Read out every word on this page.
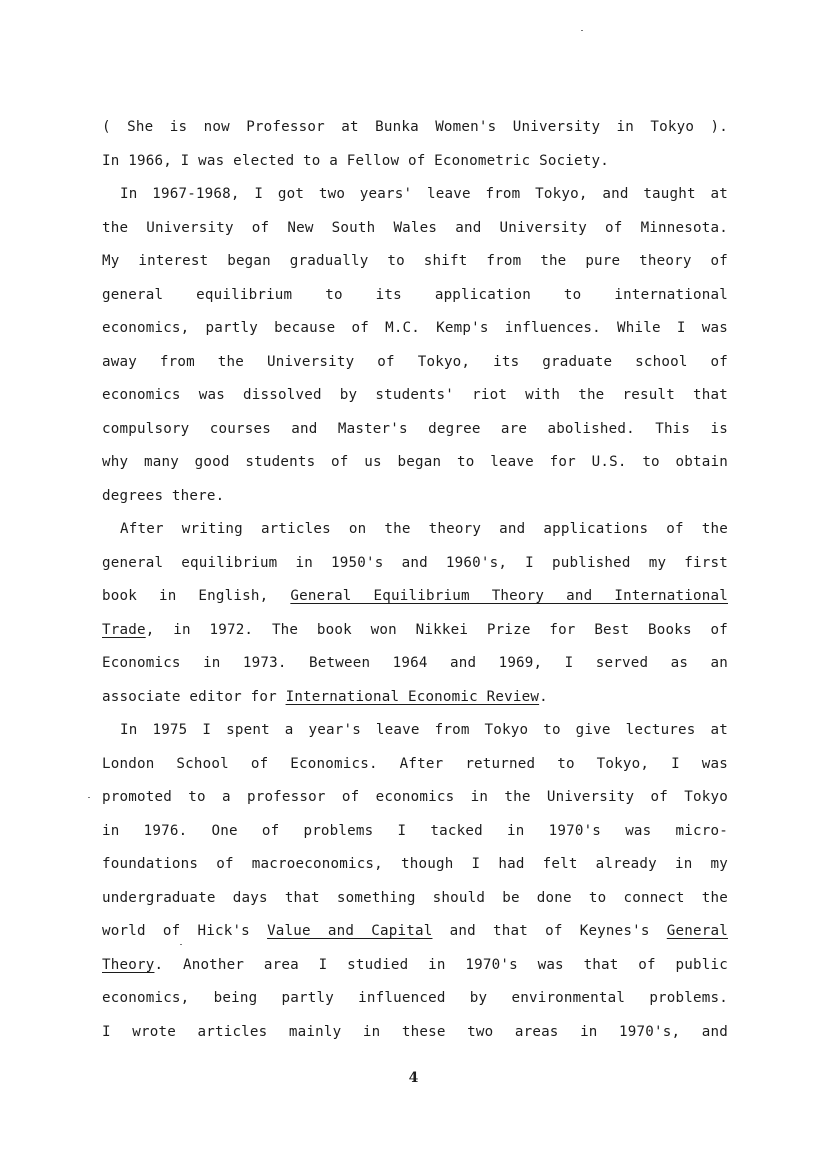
( She is now Professor at Bunka Women's University in Tokyo ).
In 1966, I was elected to a Fellow of Econometric Society.
In 1967-1968, I got two years' leave from Tokyo, and taught at
the University of New South Wales and University of Minnesota.
My interest began gradually to shift from the pure theory of
general equilibrium to its application to international
economics, partly because of M.C. Kemp's influences. While I was
away from the University of Tokyo, its graduate school of
economics was dissolved by students' riot with the result that
compulsory courses and Master's degree are abolished. This is
why many good students of us began to leave for U.S. to obtain
degrees there.
After writing articles on the theory and applications of the
general equilibrium in 1950's and 1960's, I published my first
book in English, General Equilibrium Theory and International
Trade, in 1972. The book won Nikkei Prize for Best Books of
Economics in 1973. Between 1964 and 1969, I served as an
associate editor for International Economic Review.
In 1975 I spent a year's leave from Tokyo to give lectures at
London School of Economics. After returned to Tokyo, I was
promoted to a professor of economics in the University of Tokyo
in 1976. One of problems I tacked in 1970's was micro-
foundations of macroeconomics, though I had felt already in my
undergraduate days that something should be done to connect the
world of Hick's Value and Capital and that of Keynes's General
Theory. Another area I studied in 1970's was that of public
economics, being partly influenced by environmental problems.
I wrote articles mainly in these two areas in 1970's, and
4
